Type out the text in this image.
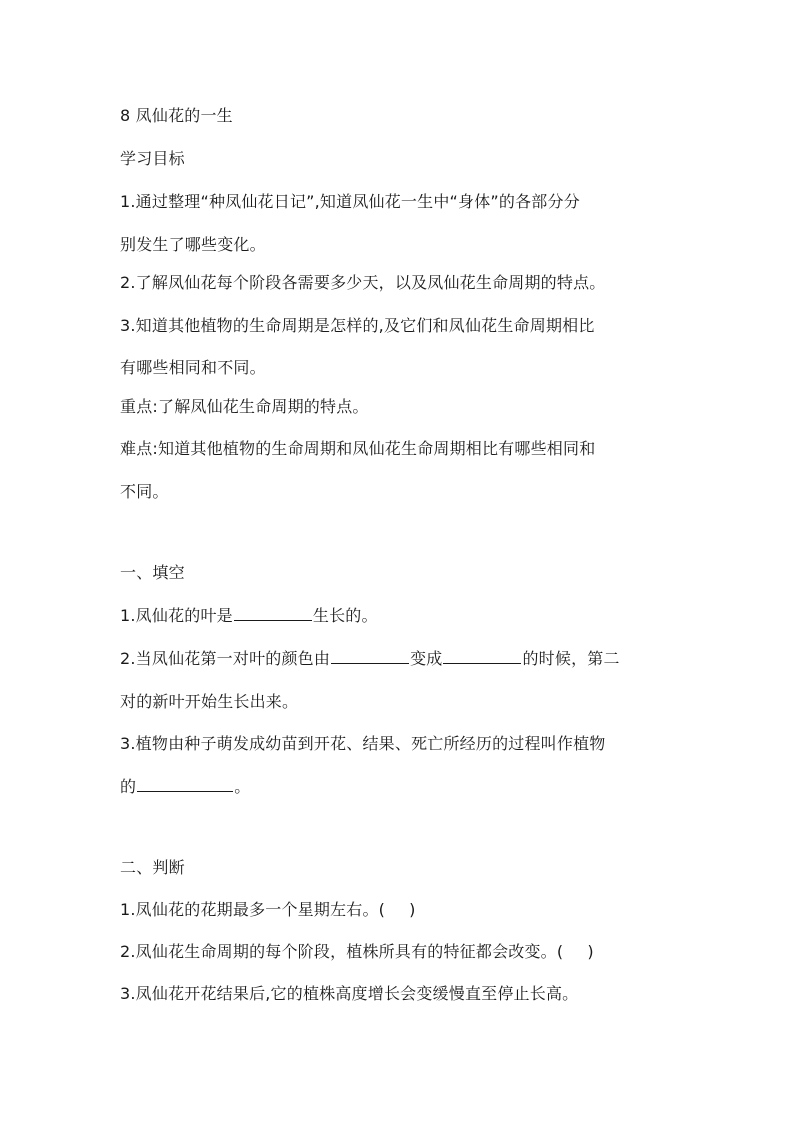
8 凤仙花的一生
学习目标
1.通过整理“种凤仙花日记”,知道凤仙花一生中“身体”的各部分分
别发生了哪些变化。
2.了解凤仙花每个阶段各需要多少天，以及凤仙花生命周期的特点。
3.知道其他植物的生命周期是怎样的,及它们和凤仙花生命周期相比
有哪些相同和不同。
重点:了解凤仙花生命周期的特点。
难点:知道其他植物的生命周期和凤仙花生命周期相比有哪些相同和
不同。
一、填空
1.凤仙花的叶是	生长的。
2.当凤仙花第一对叶的颜色由	变成	的时候，第二
对的新叶开始生长出来。
3.植物由种子萌发成幼苗到开花、结果、死亡所经历的过程叫作植物
的	。
二、判断
1.凤仙花的花期最多一个星期左右。( )
2.凤仙花生命周期的每个阶段，植株所具有的特征都会改变。( )
3.凤仙花开花结果后,它的植株高度增长会变缓慢直至停止长高。
